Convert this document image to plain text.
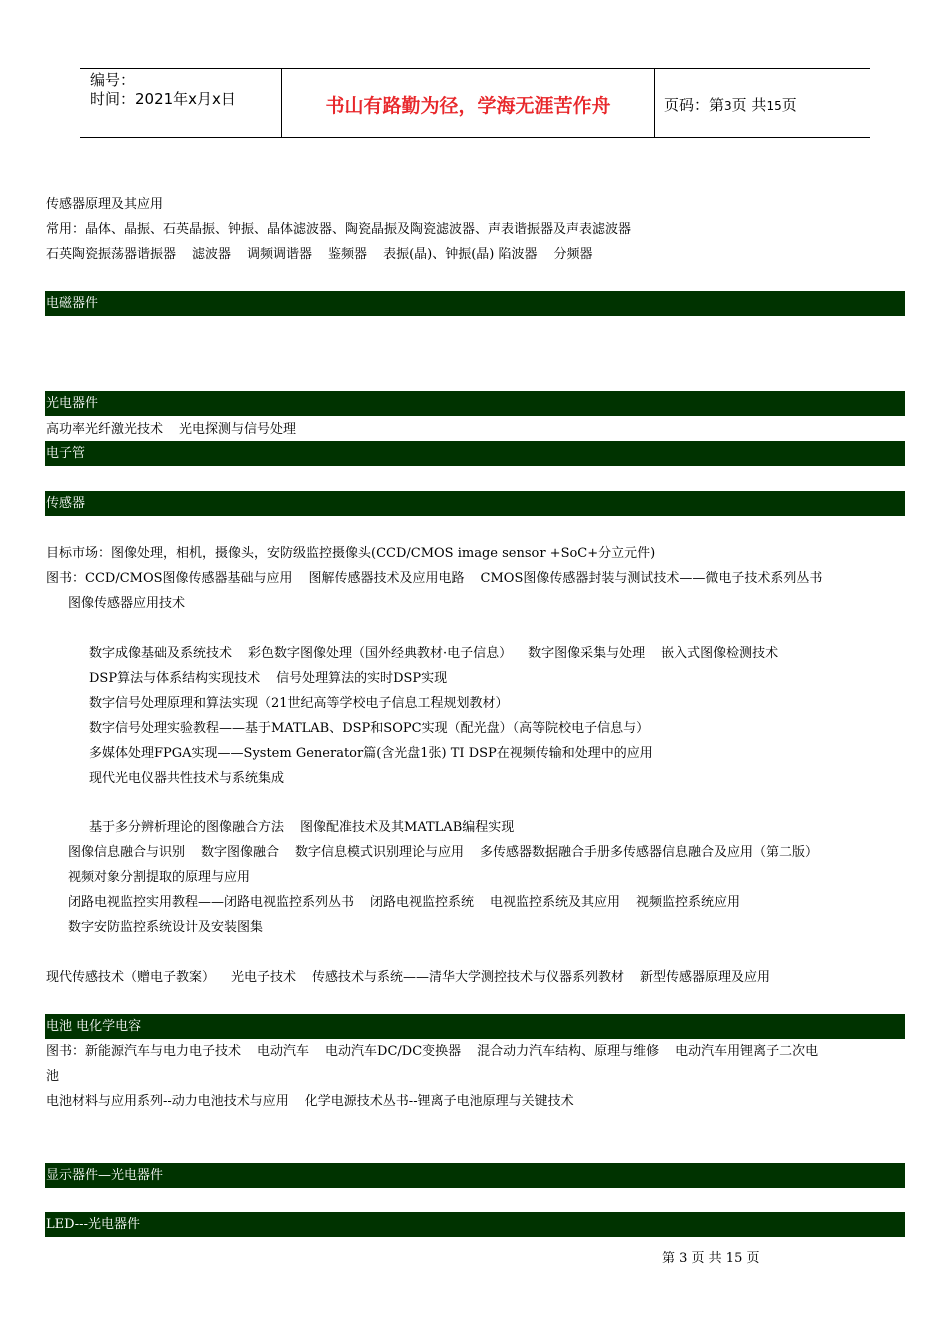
编号：
时间：2021年x月x日	书山有路勤为径，学海无涯苦作舟	页码：第3页 共15页
传感器原理及其应用
常用：晶体、晶振、石英晶振、钟振、晶体滤波器、陶瓷晶振及陶瓷滤波器、声表谐振器及声表滤波器
石英陶瓷振荡器谐振器 滤波器 调频调谐器 鉴频器 表振(晶)、钟振(晶) 陷波器 分频器
电磁器件
光电器件
高功率光纤激光技术 光电探测与信号处理
电子管
传感器
目标市场：图像处理，相机，摄像头，安防级监控摄像头(CCD/CMOS image sensor +SoC+分立元件)
图书：CCD/CMOS图像传感器基础与应用 图解传感器技术及应用电路 CMOS图像传感器封装与测试技术——微电子技术系列丛书
图像传感器应用技术
数字成像基础及系统技术 彩色数字图像处理（国外经典教材·电子信息） 数字图像采集与处理 嵌入式图像检测技术
DSP算法与体系结构实现技术 信号处理算法的实时DSP实现
数字信号处理原理和算法实现（21世纪高等学校电子信息工程规划教材）
数字信号处理实验教程——基于MATLAB、DSP和SOPC实现（配光盘）（高等院校电子信息与）
多媒体处理FPGA实现——System Generator篇(含光盘1张) TI DSP在视频传输和处理中的应用
现代光电仪器共性技术与系统集成
基于多分辨析理论的图像融合方法 图像配准技术及其MATLAB编程实现
图像信息融合与识别 数字图像融合 数字信息模式识别理论与应用 多传感器数据融合手册多传感器信息融合及应用（第二版）
视频对象分割提取的原理与应用
闭路电视监控实用教程——闭路电视监控系列丛书 闭路电视监控系统 电视监控系统及其应用 视频监控系统应用
数字安防监控系统设计及安装图集
现代传感技术（赠电子教案） 光电子技术 传感技术与系统——清华大学测控技术与仪器系列教材 新型传感器原理及应用
电池 电化学电容
图书：新能源汽车与电力电子技术 电动汽车 电动汽车DC/DC变换器 混合动力汽车结构、原理与维修 电动汽车用锂离子二次电
池
电池材料与应用系列--动力电池技术与应用 化学电源技术丛书--锂离子电池原理与关键技术
显示器件—光电器件
LED---光电器件
第 3 页 共 15 页
